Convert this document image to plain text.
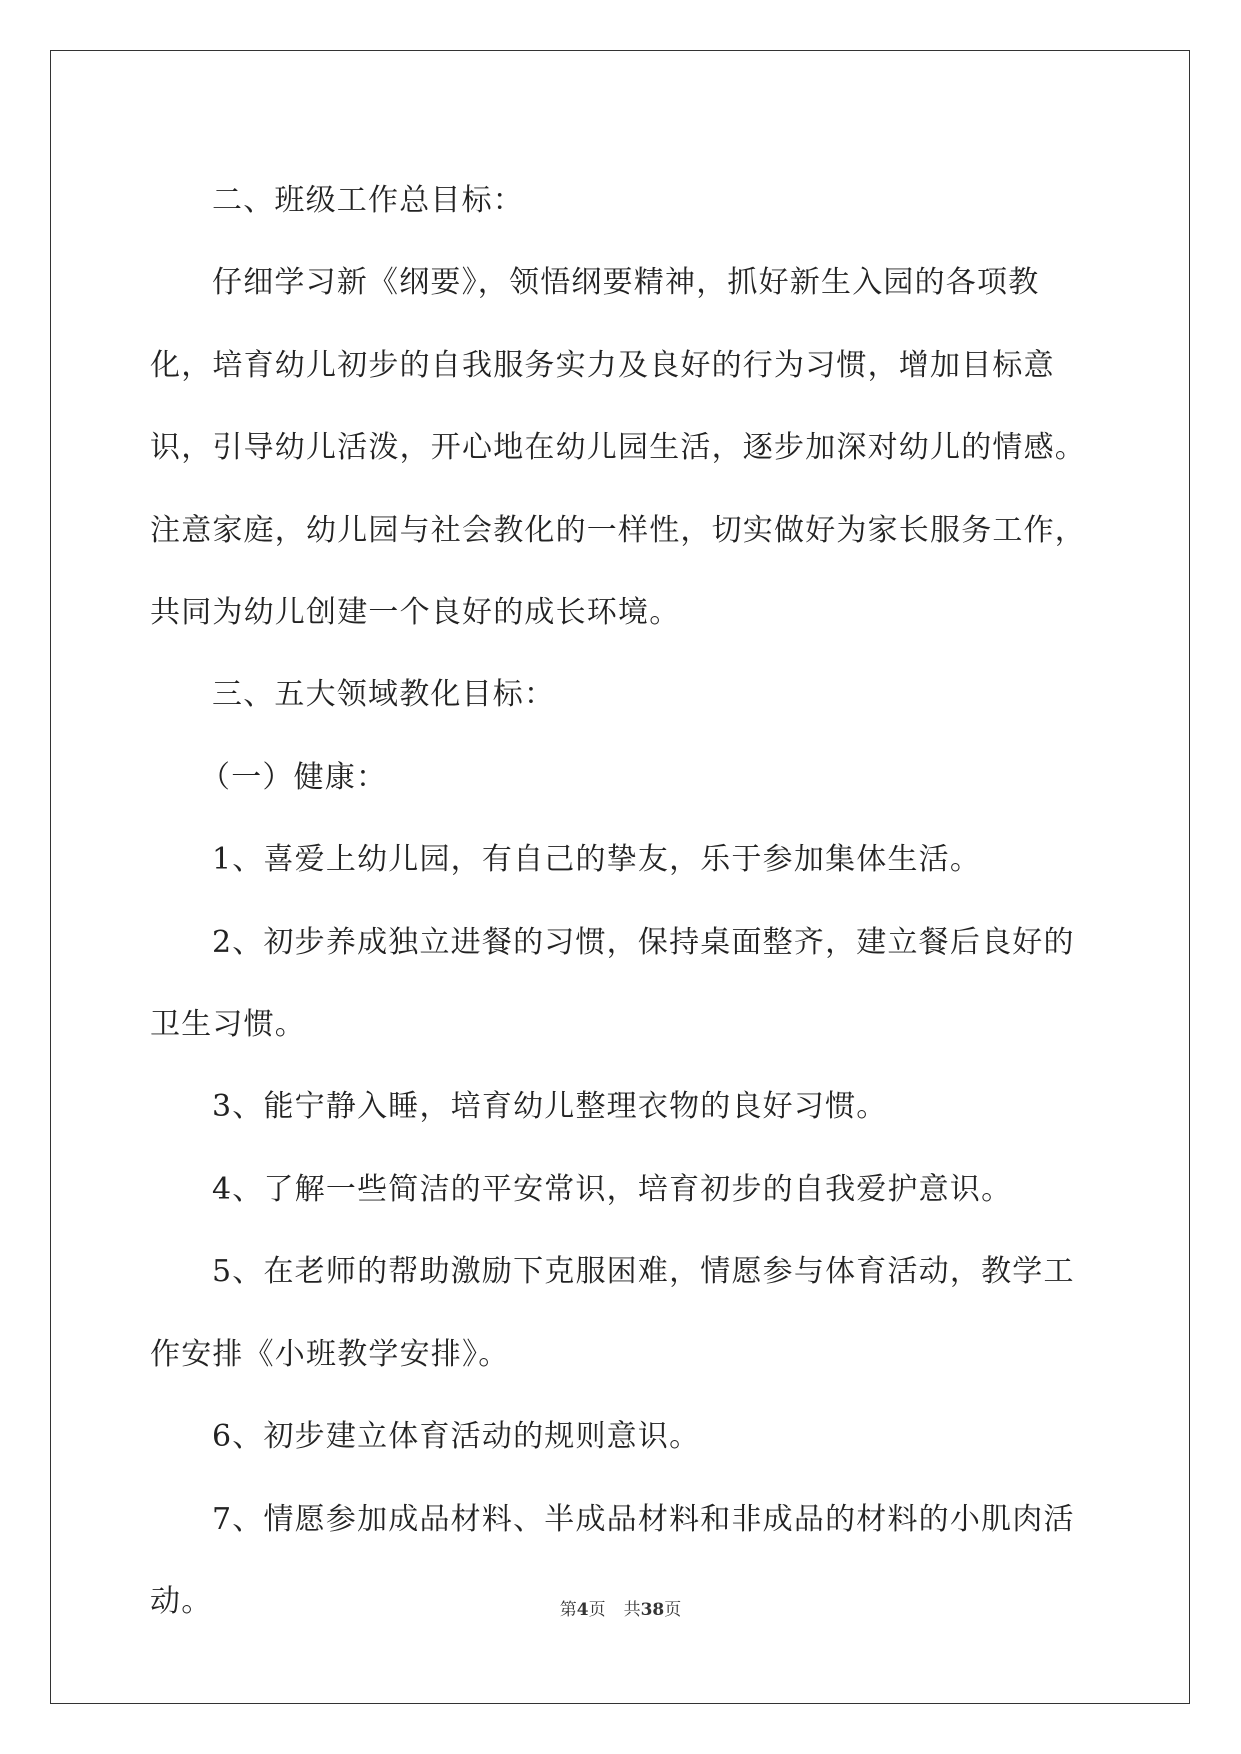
二、班级工作总目标：

仔细学习新《纲要》，领悟纲要精神，抓好新生入园的各项教化，培育幼儿初步的自我服务实力及良好的行为习惯，增加目标意识，引导幼儿活泼，开心地在幼儿园生活，逐步加深对幼儿的情感。注意家庭，幼儿园与社会教化的一样性，切实做好为家长服务工作，共同为幼儿创建一个良好的成长环境。

三、五大领域教化目标：

（一）健康：

1、喜爱上幼儿园，有自己的挚友，乐于参加集体生活。

2、初步养成独立进餐的习惯，保持桌面整齐，建立餐后良好的卫生习惯。

3、能宁静入睡，培育幼儿整理衣物的良好习惯。

4、了解一些简洁的平安常识，培育初步的自我爱护意识。

5、在老师的帮助激励下克服困难，情愿参与体育活动，教学工作安排《小班教学安排》。

6、初步建立体育活动的规则意识。

7、情愿参加成品材料、半成品材料和非成品的材料的小肌肉活动。	第4页 共38页
